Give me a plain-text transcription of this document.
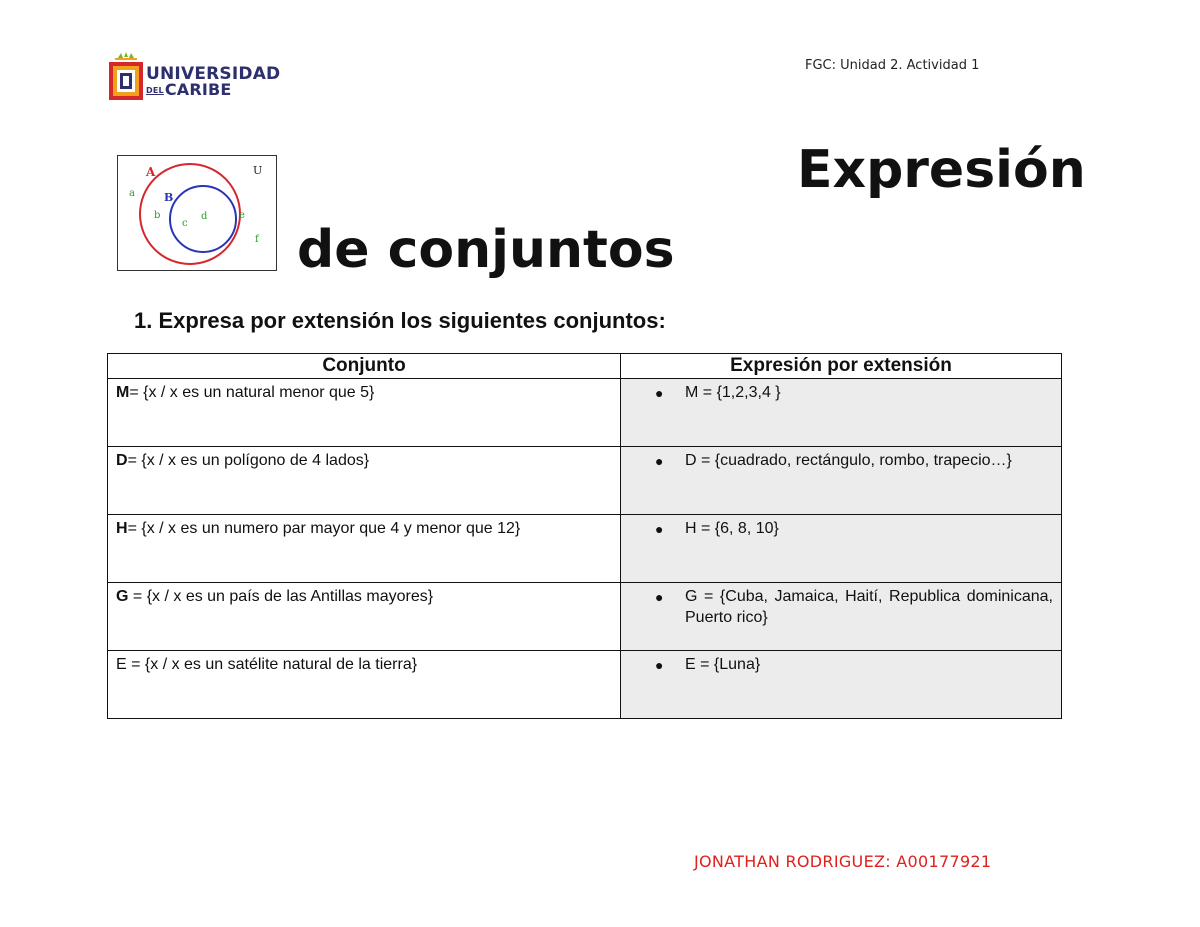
UNIVERSIDAD
DELCARIBE
FGC: Unidad 2. Actividad 1
A	U
B
a
b
c
d	e
f
Expresión
de conjuntos
1. Expresa por extensión los siguientes conjuntos:
Conjunto	Expresión por extensión
M= {x / x es un natural menor que 5}	● M = {1,2,3,4 }

D= {x / x es un polígono de 4 lados}	● D = {cuadrado, rectángulo, rombo, trapecio…}

H= {x / x es un numero par mayor que 4 y menor que 12}	● H = {6, 8, 10}

G = {x / x es un país de las Antillas mayores}	● G = {Cuba, Jamaica, Haití, Republica dominicana, Puerto rico}

E = {x / x es un satélite natural de la tierra}	● E = {Luna}
JONATHAN RODRIGUEZ: A00177921
